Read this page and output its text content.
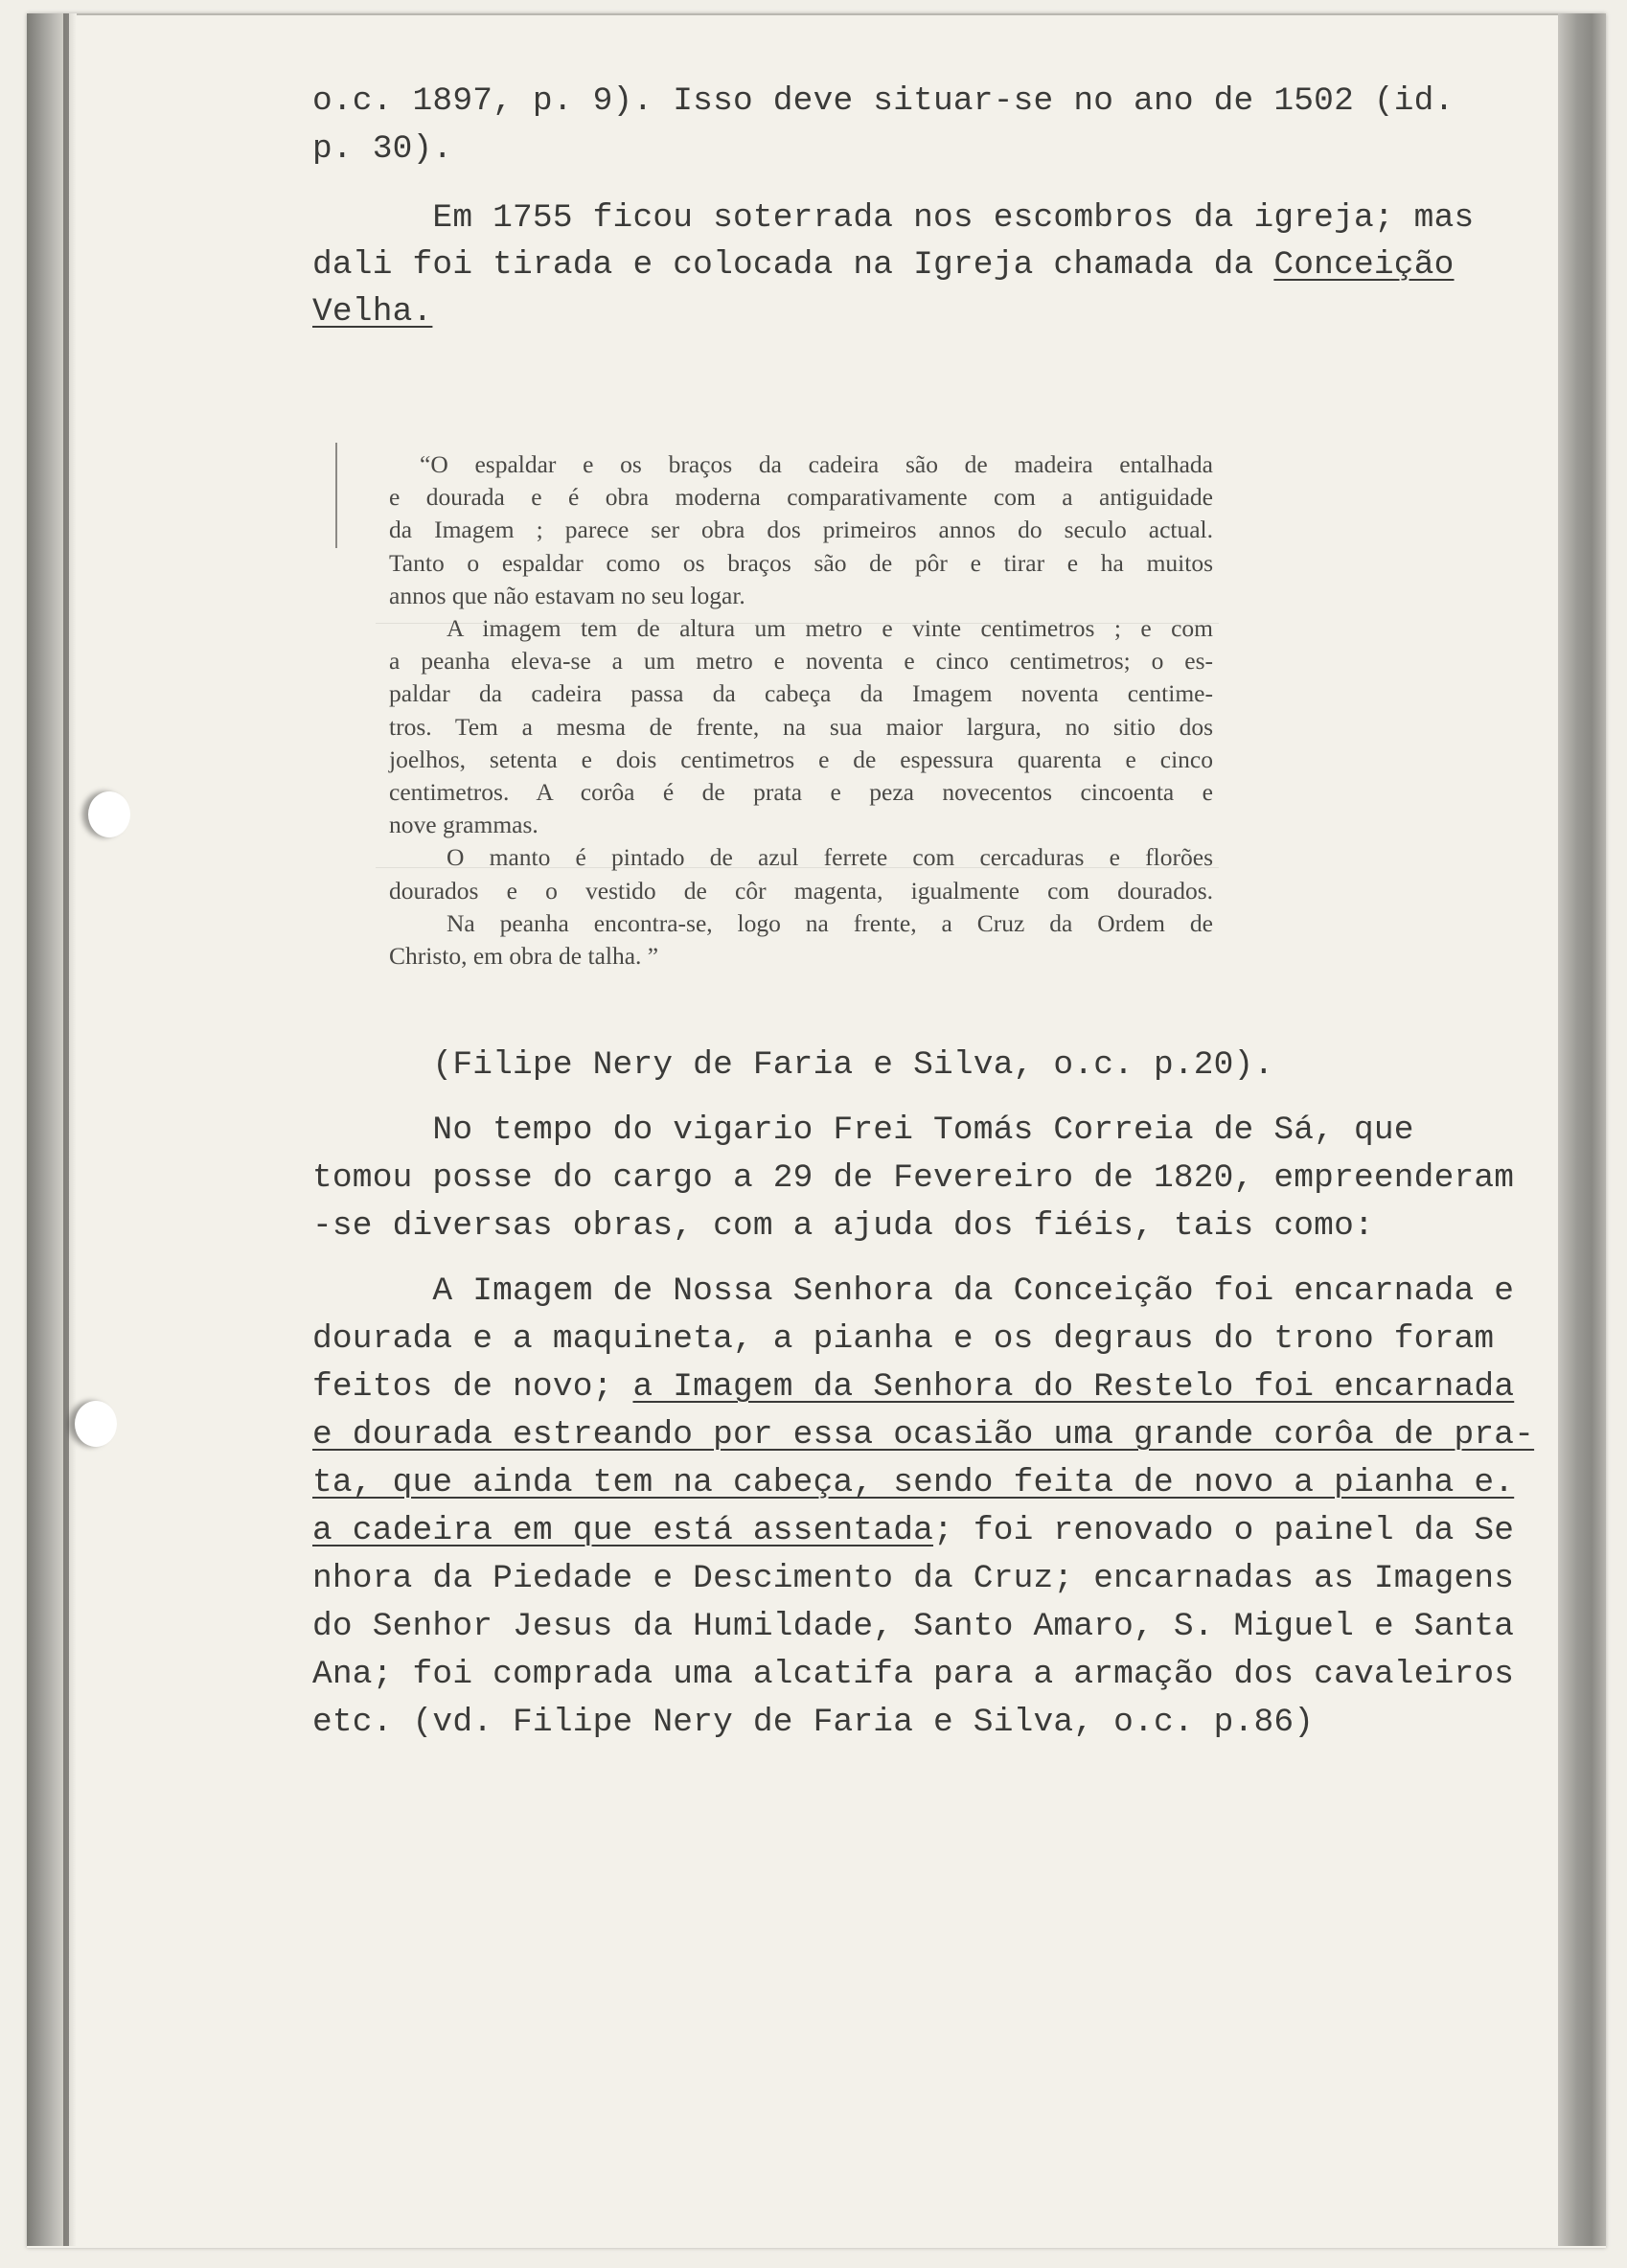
o.c. 1897, p. 9). Isso deve situar-se no ano de 1502 (id.

p. 30).

Em 1755 ficou soterrada nos escombros da igreja; mas

dali foi tirada e colocada na Igreja chamada da Conceição

Velha.

“O espaldar e os braços da cadeira são de madeira entalhada
e dourada e é obra moderna comparativamente com a antiguidade
da Imagem ; parece ser obra dos primeiros annos do seculo actual.
Tanto o espaldar como os braços são de pôr e tirar e ha muitos
annos que não estavam no seu logar.
A imagem tem de altura um metro e vinte centimetros ; e com
a peanha eleva-se a um metro e noventa e cinco centimetros; o es-
paldar da cadeira passa da cabeça da Imagem noventa centime-
tros. Tem a mesma de frente, na sua maior largura, no sitio dos
joelhos, setenta e dois centimetros e de espessura quarenta e cinco
centimetros. A corôa é de prata e peza novecentos cincoenta e
nove grammas.
O manto é pintado de azul ferrete com cercaduras e florões
dourados e o vestido de côr magenta, igualmente com dourados.
Na peanha encontra-se, logo na frente, a Cruz da Ordem de
Christo, em obra de talha. ”

(Filipe Nery de Faria e Silva, o.c. p.20).

No tempo do vigario Frei Tomás Correia de Sá, que

tomou posse do cargo a 29 de Fevereiro de 1820, empreenderam

-se diversas obras, com a ajuda dos fiéis, tais como:

A Imagem de Nossa Senhora da Conceição foi encarnada e

dourada e a maquineta, a pianha e os degraus do trono foram

feitos de novo; a Imagem da Senhora do Restelo foi encarnada

e dourada estreando por essa ocasião uma grande corôa de pra-

ta, que ainda tem na cabeça, sendo feita de novo a pianha e.

a cadeira em que está assentada; foi renovado o painel da Se

nhora da Piedade e Descimento da Cruz; encarnadas as Imagens

do Senhor Jesus da Humildade, Santo Amaro, S. Miguel e Santa

Ana; foi comprada uma alcatifa para a armação dos cavaleiros

etc. (vd. Filipe Nery de Faria e Silva, o.c. p.86)
